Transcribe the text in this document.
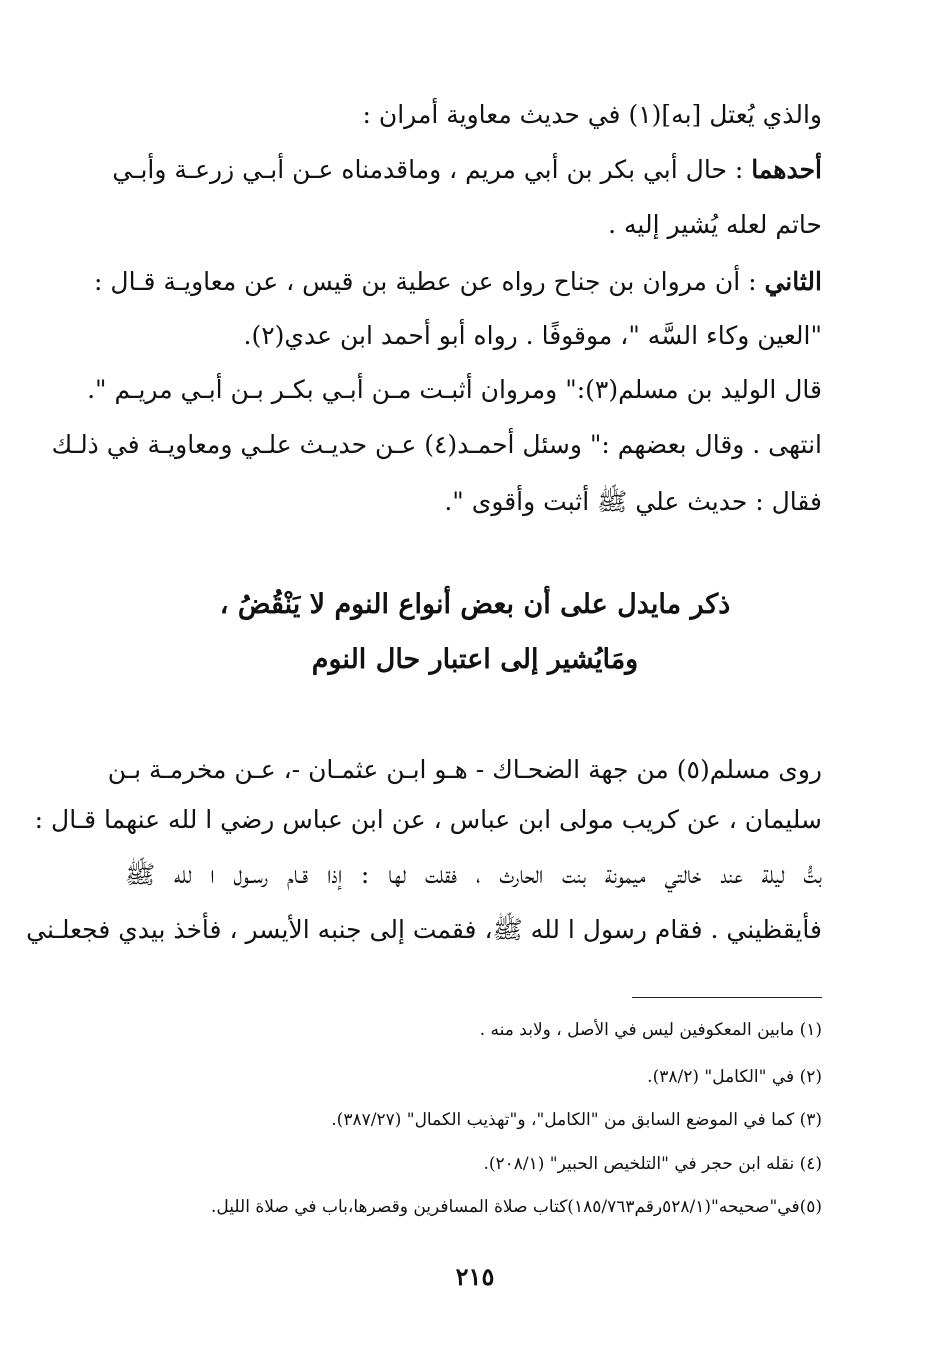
والذي يُعتل [به](١) في حديث معاوية أمران :
أحدهما : حال أبي بكر بن أبي مريم ، وماقدمناه عـن أبـي زرعـة وأبـي
حاتم لعله يُشير إليه .
الثاني : أن مروان بن جناح رواه عن عطية بن قيس ، عن معاويـة قـال :
"العين وكاء السَّه "، موقوفًا . رواه أبو أحمد ابن عدي(٢).
قال الوليد بن مسلم(٣):" ومروان أثبـت مـن أبـي بكـر بـن أبـي مريـم ".
انتهى . وقال بعضهم :" وسئل أحمـد(٤) عـن حديـث علـي ومعاويـة في ذلـك
فقال : حديث علي ﷺ أثبت وأقوى ".
ذكر مايدل على أن بعض أنواع النوم لا يَنْقُضُ ،
ومَايُشير إلى اعتبار حال النوم
روى مسلم(٥) من جهة الضحـاك - هـو ابـن عثمـان -، عـن مخرمـة بـن
سليمان ، عن كريب مولى ابن عباس ، عن ابن عباس رضي ا لله عنهما قـال :
بتُّ ليلة عند خالتي ميمونة بنت الحارث ، فقلت لها : إذا قـام رسـول ا لله ﷺ
فأيقظيني . فقام رسول ا لله ﷺ، فقمت إلى جنبه الأيسر ، فأخذ بيدي فجعلـني
(١) مابين المعكوفين ليس في الأصل ، ولابد منه .
(٢) في "الكامل" (٣٨/٢).
(٣) كما في الموضع السابق من "الكامل"، و"تهذيب الكمال" (٣٨٧/٢٧).
(٤) نقله ابن حجر في "التلخيص الحبير" (٢٠٨/١).
(٥)في"صحيحه"(٥٢٨/١رقم١٨٥/٧٦٣)كتاب صلاة المسافرين وقصرها،باب في صلاة الليل.
٢١٥
